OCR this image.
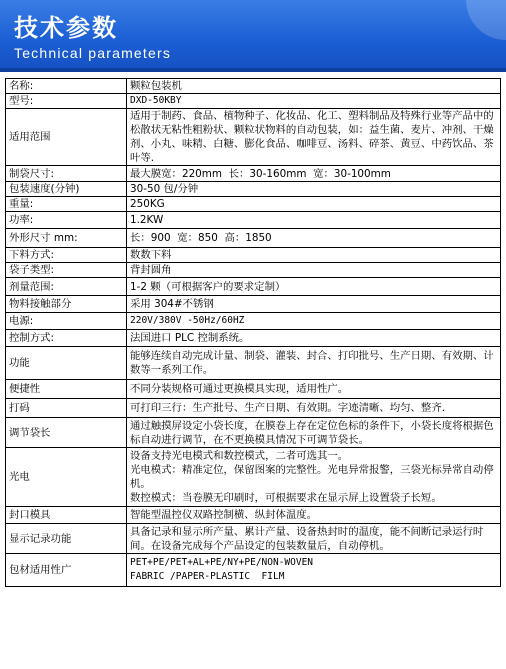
技术参数
Technical parameters
名称:	颗粒包装机
型号:	DXD-50KBY
适用范围	适用于制药、食品、植物种子、化妆品、化工、塑料制品及特殊行业等产品中的松散状无粘性粗粉状、颗粒状物料的自动包装，如：益生菌、麦片、冲剂、干燥剂、小丸、味精、白糖、膨化食品、咖啡豆、汤料、碎茶、黄豆、中药饮品、茶叶等.
制袋尺寸:	最大膜宽：220mm  长：30-160mm  宽：30-100mm
包装速度(分钟)	30-50 包/分钟
重量:	250KG
功率:	1.2KW
外形尺寸 mm:	长：900  宽：850  高：1850
下料方式:	数数下料
袋子类型:	背封圆角
剂量范围:	1-2 颗（可根据客户的要求定制）
物料接触部分	采用 304#不锈钢
电源:	220V/380V -50Hz/60HZ
控制方式:	法国进口 PLC 控制系统。
功能	能够连续自动完成计量、制袋、灌装、封合、打印批号、生产日期、有效期、计数等一系列工作。
便捷性	不同分装规格可通过更换模具实现，适用性广。
打码	可打印三行：生产批号、生产日期、有效期。字迹清晰、均匀、整齐.
调节袋长	通过触摸屏设定小袋长度，在膜卷上存在定位色标的条件下，小袋长度将根据色标自动进行调节，在不更换模具情况下可调节袋长。
光电	设备支持光电模式和数控模式，二者可选其一。
光电模式：精准定位，保留图案的完整性。光电异常报警，三袋光标异常自动停机。
数控模式：当卷膜无印刷时，可根据要求在显示屏上设置袋子长短。
封口模具	智能型温控仪双路控制横、纵封体温度。
显示记录功能	具备记录和显示所产量、累计产量、设备热封时的温度，能不间断记录运行时间。在设备完成每个产品设定的包装数量后，自动停机。
包材适用性广	PET+PE/PET+AL+PE/NY+PE/NON-WOVEN
FABRIC /PAPER-PLASTIC  FILM
